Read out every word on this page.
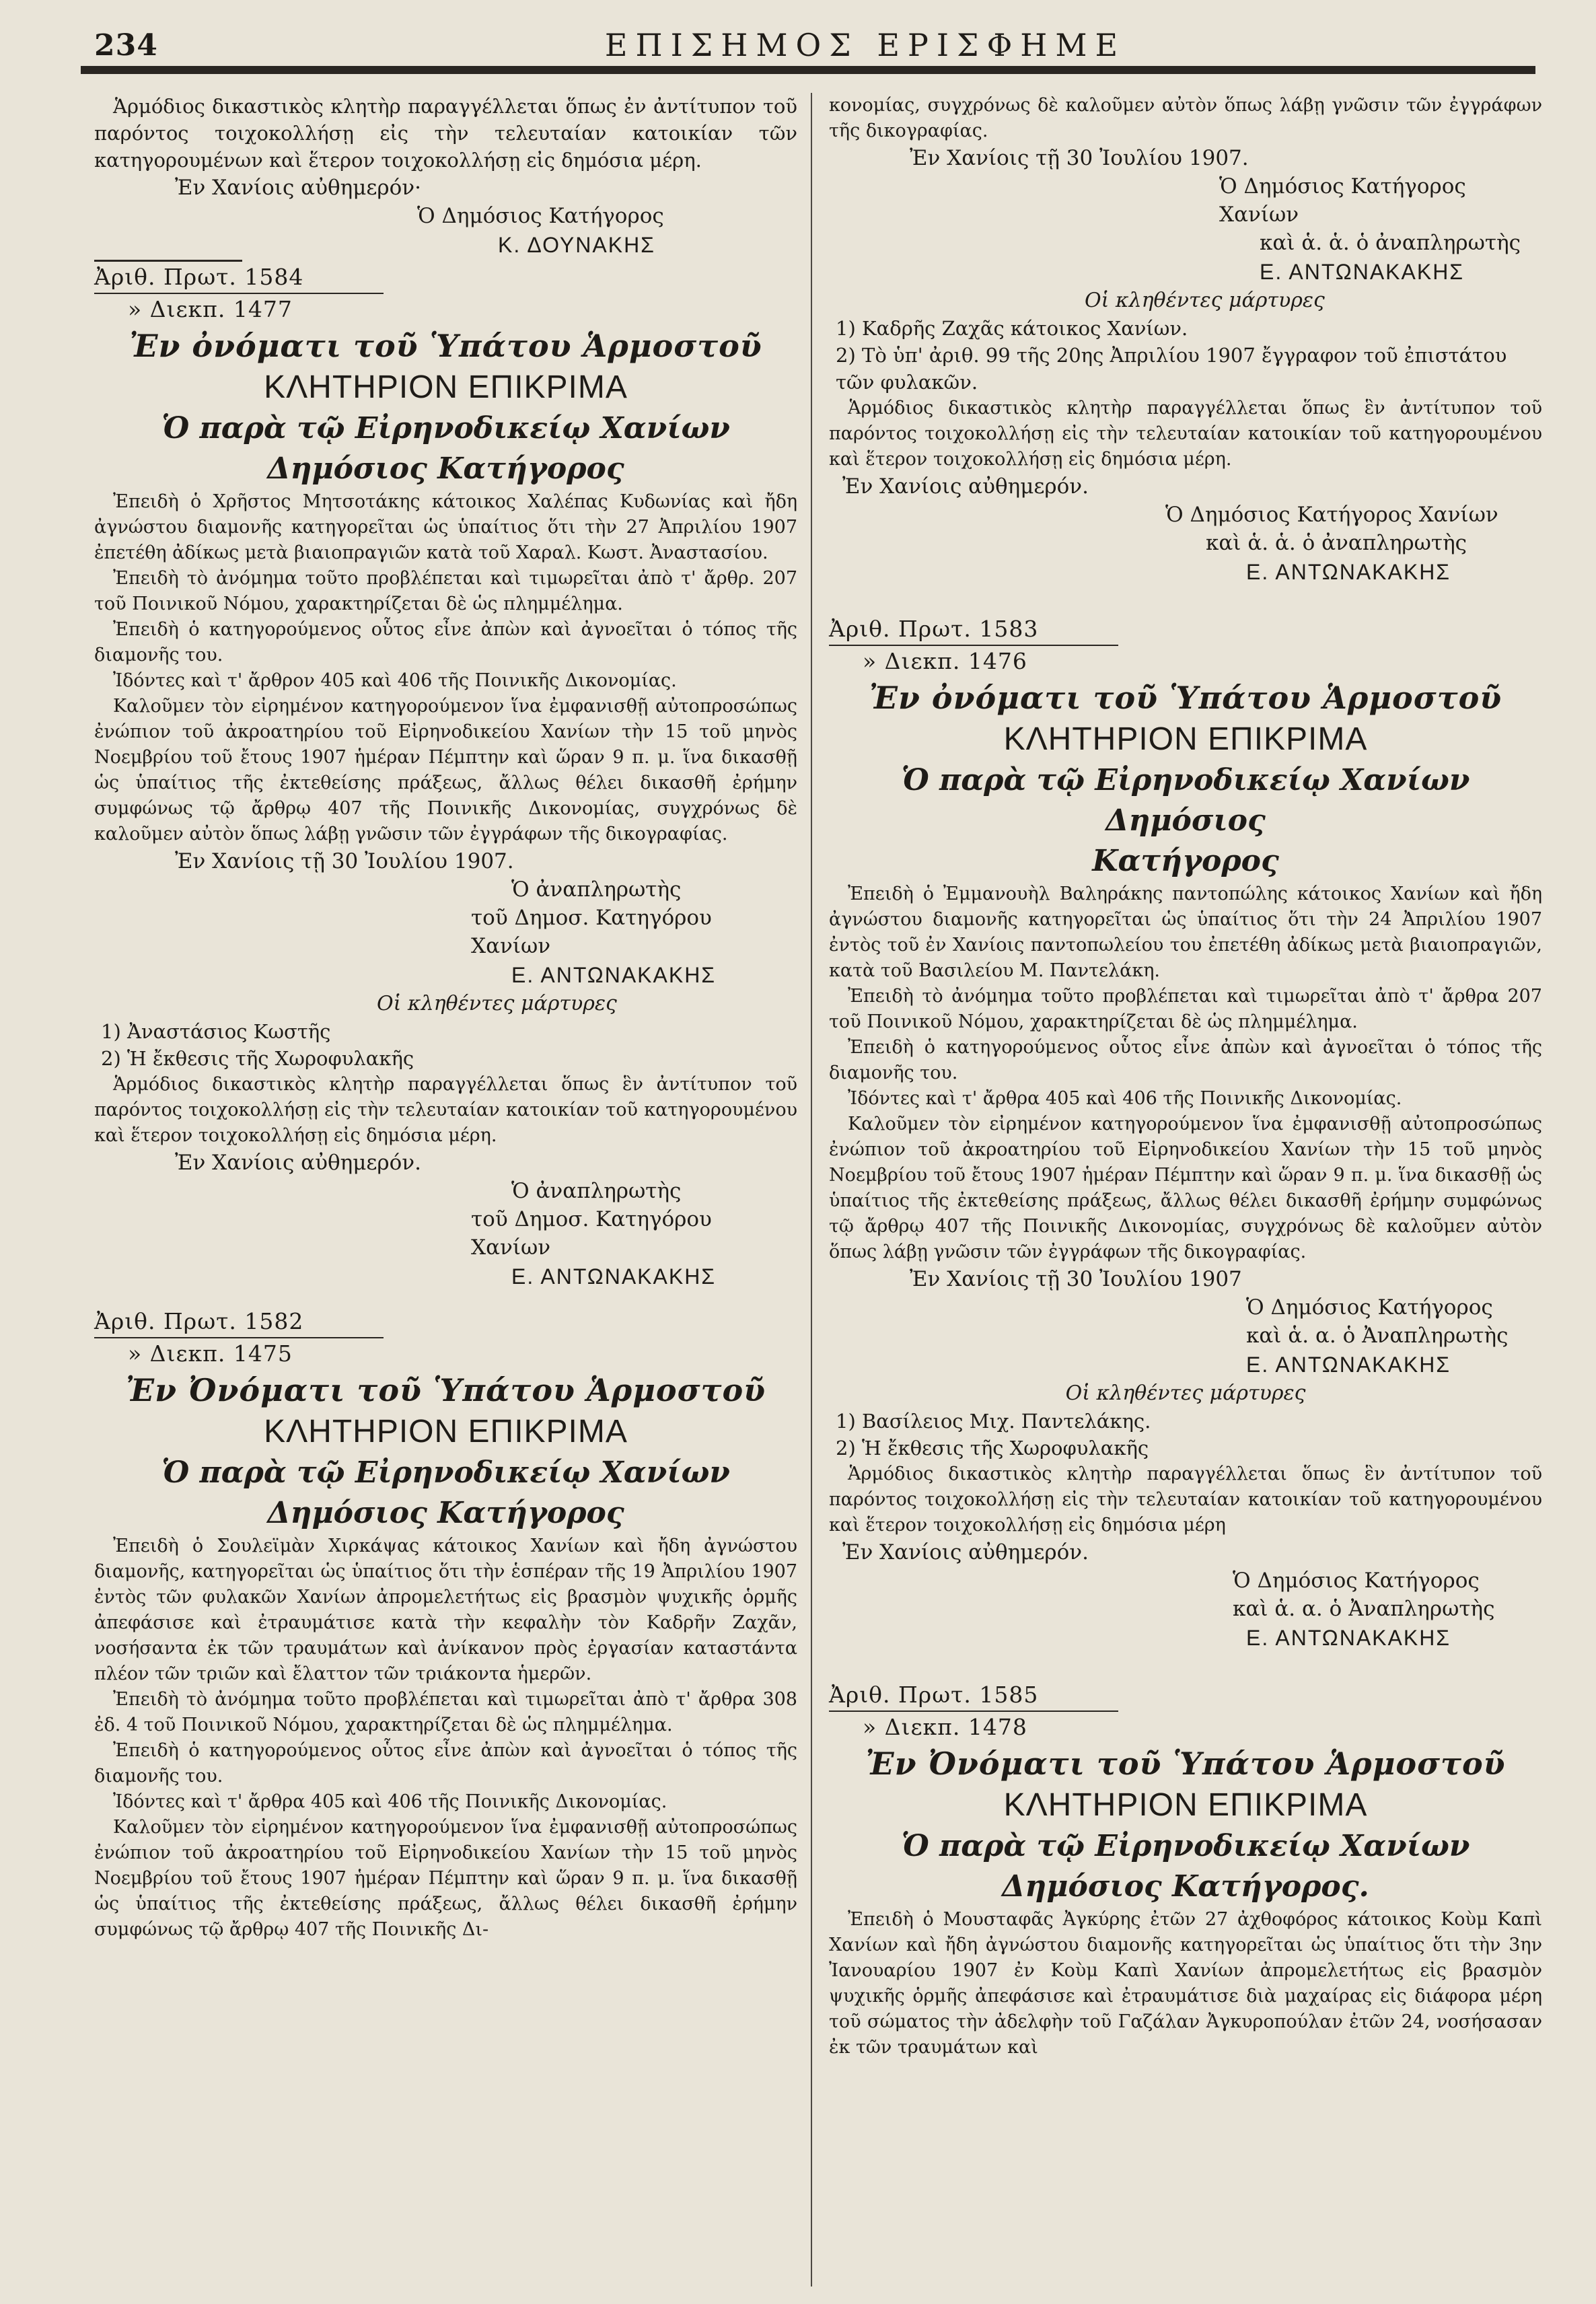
234	ΕΠΙΣΗΜΟΣ ΕΡΙΣΦΗΜΕ

Ἁρμόδιος δικαστικὸς κλητὴρ παραγγέλλεται ὅπως ἐν ἀντίτυπον τοῦ παρόντος τοιχοκολλήσῃ εἰς τὴν τελευταίαν κατοικίαν τῶν κατηγορουμένων καὶ ἕτερον τοιχοκολλήσῃ εἰς δημόσια μέρη.

Ἐν Χανίοις αὐθημερόν·

Ὁ Δημόσιος Κατήγορος

Κ. ΔΟΥΝΑΚΗΣ

Ἀριθ. Πρωτ. 1584

» Διεκπ. 1477

Ἐν ὀνόματι τοῦ Ὑπάτου Ἁρμοστοῦ

ΚΛΗΤΗΡΙΟΝ ΕΠΙΚΡΙΜΑ

Ὁ παρὰ τῷ Εἰρηνοδικείῳ Χανίων

Δημόσιος Κατήγορος

Ἐπειδὴ ὁ Χρῆστος Μητσοτάκης κάτοικος Χαλέπας Κυδωνίας καὶ ἤδη ἀγνώστου διαμονῆς κατηγορεῖται ὡς ὑπαίτιος ὅτι τὴν 27 Ἀπριλίου 1907 ἐπετέθη ἀδίκως μετὰ βιαιοπραγιῶν κατὰ τοῦ Χαραλ. Κωστ. Ἀναστασίου.

Ἐπειδὴ τὸ ἀνόμημα τοῦτο προβλέπεται καὶ τιμωρεῖται ἀπὸ τ' ἄρθρ. 207 τοῦ Ποινικοῦ Νόμου, χαρακτηρίζεται δὲ ὡς πλημμέλημα.

Ἐπειδὴ ὁ κατηγορούμενος οὗτος εἶνε ἀπὼν καὶ ἀγνοεῖται ὁ τόπος τῆς διαμονῆς του.

Ἰδόντες καὶ τ' ἄρθρον 405 καὶ 406 τῆς Ποινικῆς Δικονομίας.

Καλοῦμεν τὸν εἰρημένον κατηγορούμενον ἵνα ἐμφανισθῇ αὐτοπροσώπως ἐνώπιον τοῦ ἀκροατηρίου τοῦ Εἰρηνοδικείου Χανίων τὴν 15 τοῦ μηνὸς Νοεμβρίου τοῦ ἔτους 1907 ἡμέραν Πέμπτην καὶ ὥραν 9 π. μ. ἵνα δικασθῇ ὡς ὑπαίτιος τῆς ἐκτεθείσης πράξεως, ἄλλως θέλει δικασθῆ ἐρήμην συμφώνως τῷ ἄρθρῳ 407 τῆς Ποινικῆς Δικονομίας, συγχρόνως δὲ καλοῦμεν αὐτὸν ὅπως λάβῃ γνῶσιν τῶν ἐγγράφων τῆς δικογραφίας.

Ἐν Χανίοις τῇ 30 Ἰουλίου 1907.

Ὁ ἀναπληρωτὴς

τοῦ Δημοσ. Κατηγόρου Χανίων

Ε. ΑΝΤΩΝΑΚΑΚΗΣ

Οἱ κληθέντες μάρτυρες

1) Ἀναστάσιος Κωστῆς

2) Ἡ ἔκθεσις τῆς Χωροφυλακῆς

Ἁρμόδιος δικαστικὸς κλητὴρ παραγγέλλεται ὅπως ἓν ἀντίτυπον τοῦ παρόντος τοιχοκολλήσῃ εἰς τὴν τελευταίαν κατοικίαν τοῦ κατηγορουμένου καὶ ἕτερον τοιχοκολλήσῃ εἰς δημόσια μέρη.

Ἐν Χανίοις αὐθημερόν.

Ὁ ἀναπληρωτὴς

τοῦ Δημοσ. Κατηγόρου Χανίων

Ε. ΑΝΤΩΝΑΚΑΚΗΣ

Ἀριθ. Πρωτ. 1582

» Διεκπ. 1475

Ἐν Ὀνόματι τοῦ Ὑπάτου Ἁρμοστοῦ

ΚΛΗΤΗΡΙΟΝ ΕΠΙΚΡΙΜΑ

Ὁ παρὰ τῷ Εἰρηνοδικείῳ Χανίων

Δημόσιος Κατήγορος

Ἐπειδὴ ὁ Σουλεϊμὰν Χιρκάψας κάτοικος Χανίων καὶ ἤδη ἀγνώστου διαμονῆς, κατηγορεῖται ὡς ὑπαίτιος ὅτι τὴν ἑσπέραν τῆς 19 Ἀπριλίου 1907 ἐντὸς τῶν φυλακῶν Χανίων ἀπρομελετήτως εἰς βρασμὸν ψυχικῆς ὁρμῆς ἀπεφάσισε καὶ ἐτραυμάτισε κατὰ τὴν κεφαλὴν τὸν Καδρῆν Ζαχᾶν, νοσήσαντα ἐκ τῶν τραυμάτων καὶ ἀνίκανον πρὸς ἐργασίαν καταστάντα πλέον τῶν τριῶν καὶ ἔλαττον τῶν τριάκοντα ἡμερῶν.

Ἐπειδὴ τὸ ἀνόμημα τοῦτο προβλέπεται καὶ τιμωρεῖται ἀπὸ τ' ἄρθρα 308 ἐδ. 4 τοῦ Ποινικοῦ Νόμου, χαρακτηρίζεται δὲ ὡς πλημμέλημα.

Ἐπειδὴ ὁ κατηγορούμενος οὗτος εἶνε ἀπὼν καὶ ἀγνοεῖται ὁ τόπος τῆς διαμονῆς του.

Ἰδόντες καὶ τ' ἄρθρα 405 καὶ 406 τῆς Ποινικῆς Δικονομίας.

Καλοῦμεν τὸν εἰρημένον κατηγορούμενον ἵνα ἐμφανισθῇ αὐτοπροσώπως ἐνώπιον τοῦ ἀκροατηρίου τοῦ Εἰρηνοδικείου Χανίων τὴν 15 τοῦ μηνὸς Νοεμβρίου τοῦ ἔτους 1907 ἡμέραν Πέμπτην καὶ ὥραν 9 π. μ. ἵνα δικασθῇ ὡς ὑπαίτιος τῆς ἐκτεθείσης πράξεως, ἄλλως θέλει δικασθῆ ἐρήμην συμφώνως τῷ ἄρθρῳ 407 τῆς Ποινικῆς Δι-

κονομίας, συγχρόνως δὲ καλοῦμεν αὐτὸν ὅπως λάβῃ γνῶσιν τῶν ἐγγράφων τῆς δικογραφίας.

Ἐν Χανίοις τῇ 30 Ἰουλίου 1907.

Ὁ Δημόσιος Κατήγορος Χανίων

καὶ ἁ. ἁ. ὁ ἀναπληρωτὴς

Ε. ΑΝΤΩΝΑΚΑΚΗΣ

Οἱ κληθέντες μάρτυρες

1) Καδρῆς Ζαχᾶς κάτοικος Χανίων.

2) Τὸ ὑπ' ἀριθ. 99 τῆς 20ης Ἀπριλίου 1907 ἔγγραφον τοῦ ἐπιστάτου τῶν φυλακῶν.

Ἁρμόδιος δικαστικὸς κλητὴρ παραγγέλλεται ὅπως ἓν ἀντίτυπον τοῦ παρόντος τοιχοκολλήσῃ εἰς τὴν τελευταίαν κατοικίαν τοῦ κατηγορουμένου καὶ ἕτερον τοιχοκολλήσῃ εἰς δημόσια μέρη.

Ἐν Χανίοις αὐθημερόν.

Ὁ Δημόσιος Κατήγορος Χανίων

καὶ ἁ. ἁ. ὁ ἀναπληρωτὴς

Ε. ΑΝΤΩΝΑΚΑΚΗΣ

Ἀριθ. Πρωτ. 1583

» Διεκπ. 1476

Ἐν ὀνόματι τοῦ Ὑπάτου Ἁρμοστοῦ

ΚΛΗΤΗΡΙΟΝ ΕΠΙΚΡΙΜΑ

Ὁ παρὰ τῷ Εἰρηνοδικείῳ Χανίων Δημόσιος

Κατήγορος

Ἐπειδὴ ὁ Ἐμμανουὴλ Βαληράκης παντοπώλης κάτοικος Χανίων καὶ ἤδη ἀγνώστου διαμονῆς κατηγορεῖται ὡς ὑπαίτιος ὅτι τὴν 24 Ἀπριλίου 1907 ἐντὸς τοῦ ἐν Χανίοις παντοπωλείου του ἐπετέθη ἀδίκως μετὰ βιαιοπραγιῶν, κατὰ τοῦ Βασιλείου Μ. Παντελάκη.

Ἐπειδὴ τὸ ἀνόμημα τοῦτο προβλέπεται καὶ τιμωρεῖται ἀπὸ τ' ἄρθρα 207 τοῦ Ποινικοῦ Νόμου, χαρακτηρίζεται δὲ ὡς πλημμέλημα.

Ἐπειδὴ ὁ κατηγορούμενος οὗτος εἶνε ἀπὼν καὶ ἀγνοεῖται ὁ τόπος τῆς διαμονῆς του.

Ἰδόντες καὶ τ' ἄρθρα 405 καὶ 406 τῆς Ποινικῆς Δικονομίας.

Καλοῦμεν τὸν εἰρημένον κατηγορούμενον ἵνα ἐμφανισθῇ αὐτοπροσώπως ἐνώπιον τοῦ ἀκροατηρίου τοῦ Εἰρηνοδικείου Χανίων τὴν 15 τοῦ μηνὸς Νοεμβρίου τοῦ ἔτους 1907 ἡμέραν Πέμπτην καὶ ὥραν 9 π. μ. ἵνα δικασθῇ ὡς ὑπαίτιος τῆς ἐκτεθείσης πράξεως, ἄλλως θέλει δικασθῆ ἐρήμην συμφώνως τῷ ἄρθρῳ 407 τῆς Ποινικῆς Δικονομίας, συγχρόνως δὲ καλοῦμεν αὐτὸν ὅπως λάβῃ γνῶσιν τῶν ἐγγράφων τῆς δικογραφίας.

Ἐν Χανίοις τῇ 30 Ἰουλίου 1907

Ὁ Δημόσιος Κατήγορος

καὶ ἁ. α. ὁ Ἀναπληρωτὴς

Ε. ΑΝΤΩΝΑΚΑΚΗΣ

Οἱ κληθέντες μάρτυρες

1) Βασίλειος Μιχ. Παντελάκης.

2) Ἡ ἔκθεσις τῆς Χωροφυλακῆς

Ἁρμόδιος δικαστικὸς κλητὴρ παραγγέλλεται ὅπως ἓν ἀντίτυπον τοῦ παρόντος τοιχοκολλήσῃ εἰς τὴν τελευταίαν κατοικίαν τοῦ κατηγορουμένου καὶ ἕτερον τοιχοκολλήσῃ εἰς δημόσια μέρη

Ἐν Χανίοις αὐθημερόν.

Ὁ Δημόσιος Κατήγορος

καὶ ἁ. α. ὁ Ἀναπληρωτὴς

Ε. ΑΝΤΩΝΑΚΑΚΗΣ

Ἀριθ. Πρωτ. 1585

» Διεκπ. 1478

Ἐν Ὀνόματι τοῦ Ὑπάτου Ἁρμοστοῦ

ΚΛΗΤΗΡΙΟΝ ΕΠΙΚΡΙΜΑ

Ὁ παρὰ τῷ Εἰρηνοδικείῳ Χανίων

Δημόσιος Κατήγορος.

Ἐπειδὴ ὁ Μουσταφᾶς Ἀγκύρης ἐτῶν 27 ἀχθοφόρος κάτοικος Κοὺμ Καπὶ Χανίων καὶ ἤδη ἀγνώστου διαμονῆς κατηγορεῖται ὡς ὑπαίτιος ὅτι τὴν 3ην Ἰανουαρίου 1907 ἐν Κοὺμ Καπὶ Χανίων ἀπρομελετήτως εἰς βρασμὸν ψυχικῆς ὁρμῆς ἀπεφάσισε καὶ ἐτραυμάτισε διὰ μαχαίρας εἰς διάφορα μέρη τοῦ σώματος τὴν ἀδελφὴν τοῦ Γαζάλαν Ἀγκυροπούλαν ἐτῶν 24, νοσήσασαν ἐκ τῶν τραυμάτων καὶ
